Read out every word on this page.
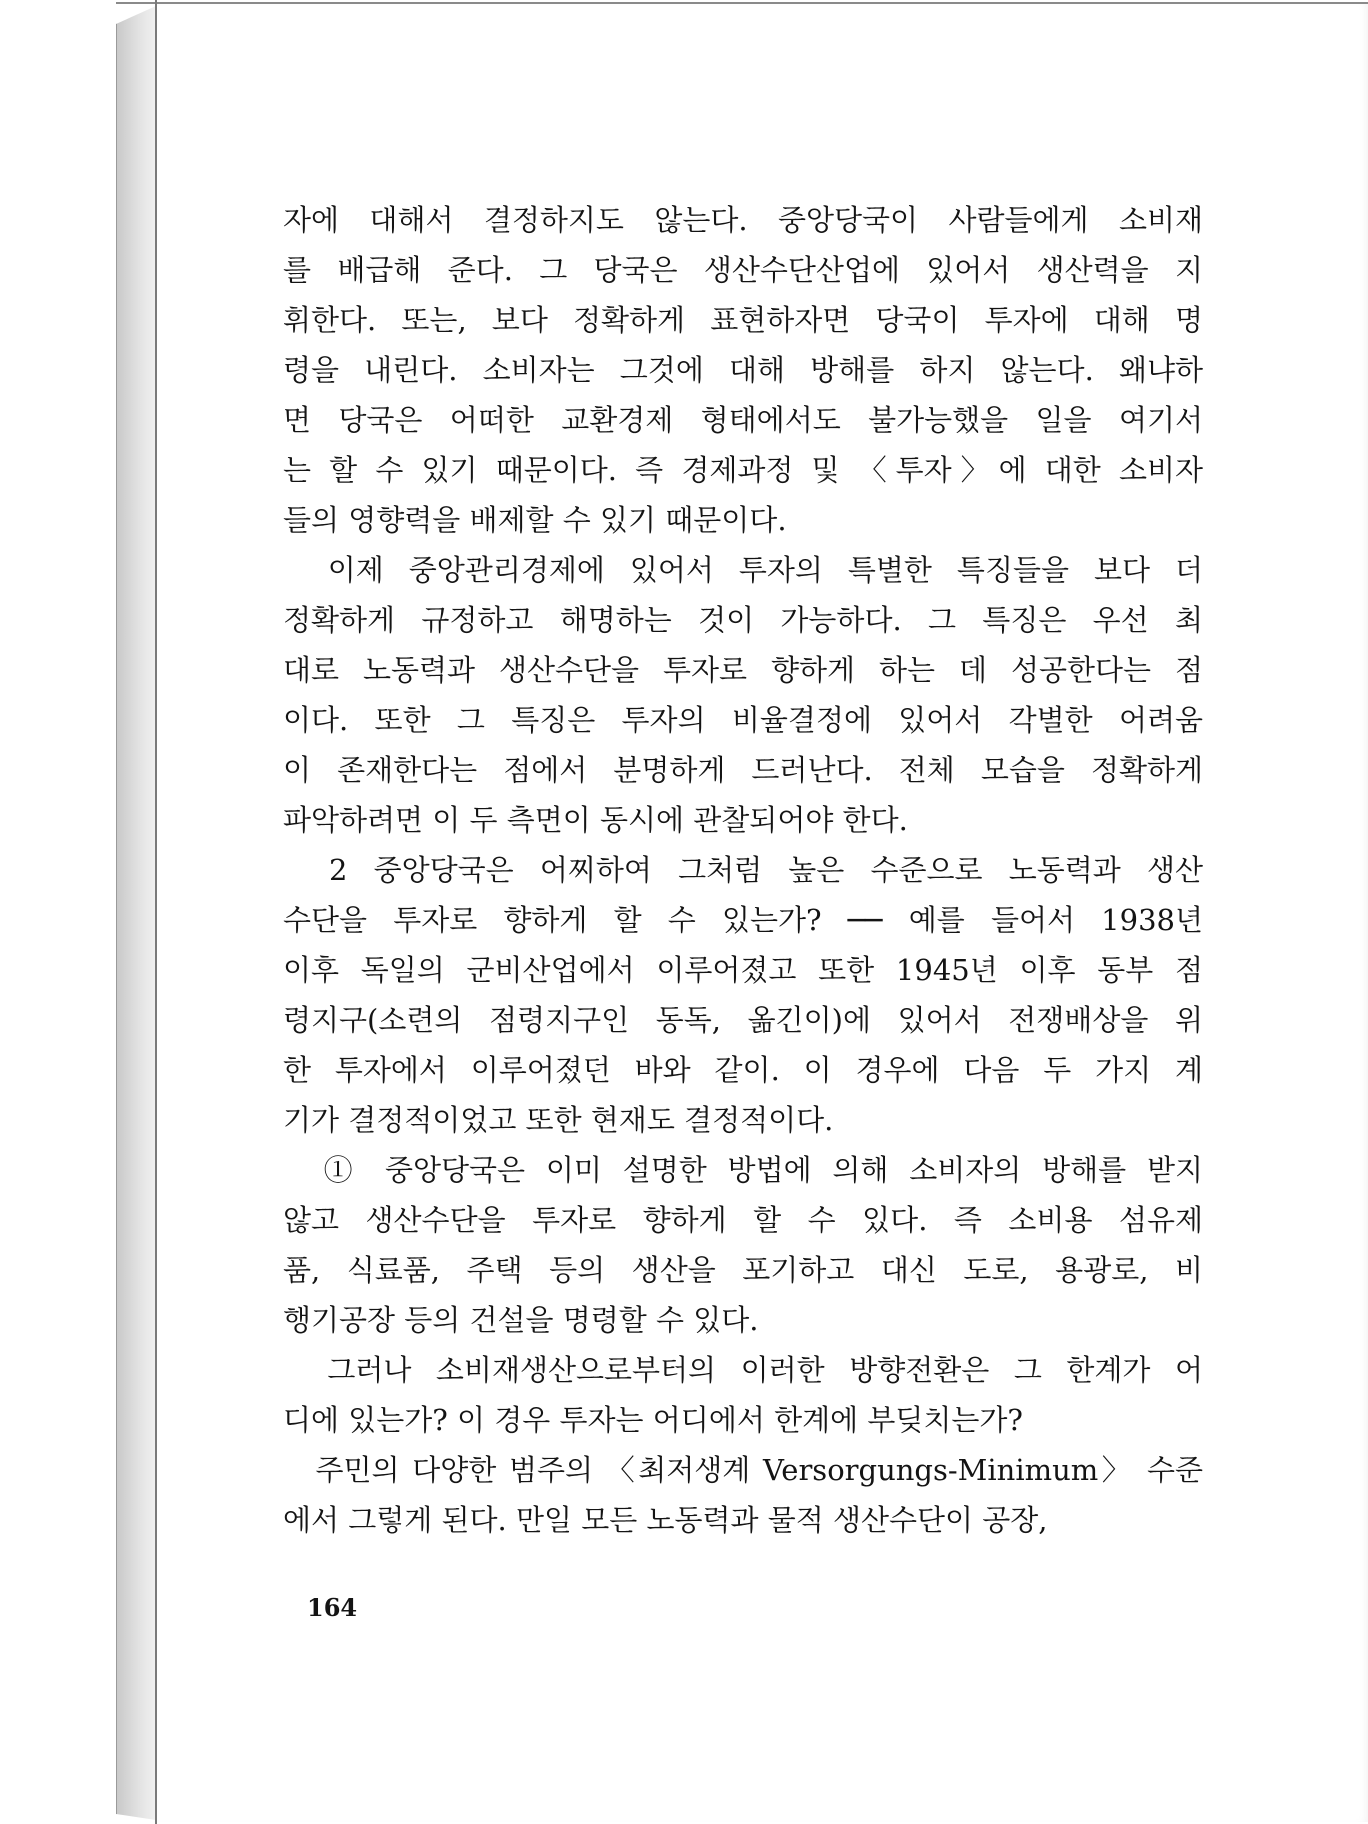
자에 대해서 결정하지도 않는다. 중앙당국이 사람들에게 소비재
를 배급해 준다. 그 당국은 생산수단산업에 있어서 생산력을 지
휘한다. 또는, 보다 정확하게 표현하자면 당국이 투자에 대해 명
령을 내린다. 소비자는 그것에 대해 방해를 하지 않는다. 왜냐하
면 당국은 어떠한 교환경제 형태에서도 불가능했을 일을 여기서
는 할 수 있기 때문이다. 즉 경제과정 및 〈투자〉에 대한 소비자
들의 영향력을 배제할 수 있기 때문이다.
　이제 중앙관리경제에 있어서 투자의 특별한 특징들을 보다 더
정확하게 규정하고 해명하는 것이 가능하다. 그 특징은 우선 최
대로 노동력과 생산수단을 투자로 향하게 하는 데 성공한다는 점
이다. 또한 그 특징은 투자의 비율결정에 있어서 각별한 어려움
이 존재한다는 점에서 분명하게 드러난다. 전체 모습을 정확하게
파악하려면 이 두 측면이 동시에 관찰되어야 한다.
　2 중앙당국은 어찌하여 그처럼 높은 수준으로 노동력과 생산
수단을 투자로 향하게 할 수 있는가? ── 예를 들어서 1938년
이후 독일의 군비산업에서 이루어졌고 또한 1945년 이후 동부 점
령지구(소련의 점령지구인 동독, 옮긴이)에 있어서 전쟁배상을 위
한 투자에서 이루어졌던 바와 같이. 이 경우에 다음 두 가지 계
기가 결정적이었고 또한 현재도 결정적이다.
　① 중앙당국은 이미 설명한 방법에 의해 소비자의 방해를 받지
않고 생산수단을 투자로 향하게 할 수 있다. 즉 소비용 섬유제
품, 식료품, 주택 등의 생산을 포기하고 대신 도로, 용광로, 비
행기공장 등의 건설을 명령할 수 있다.
　그러나 소비재생산으로부터의 이러한 방향전환은 그 한계가 어
디에 있는가? 이 경우 투자는 어디에서 한계에 부딪치는가?
　주민의 다양한 범주의 〈최저생계 Versorgungs-Minimum〉 수준
에서 그렇게 된다. 만일 모든 노동력과 물적 생산수단이 공장,
164
